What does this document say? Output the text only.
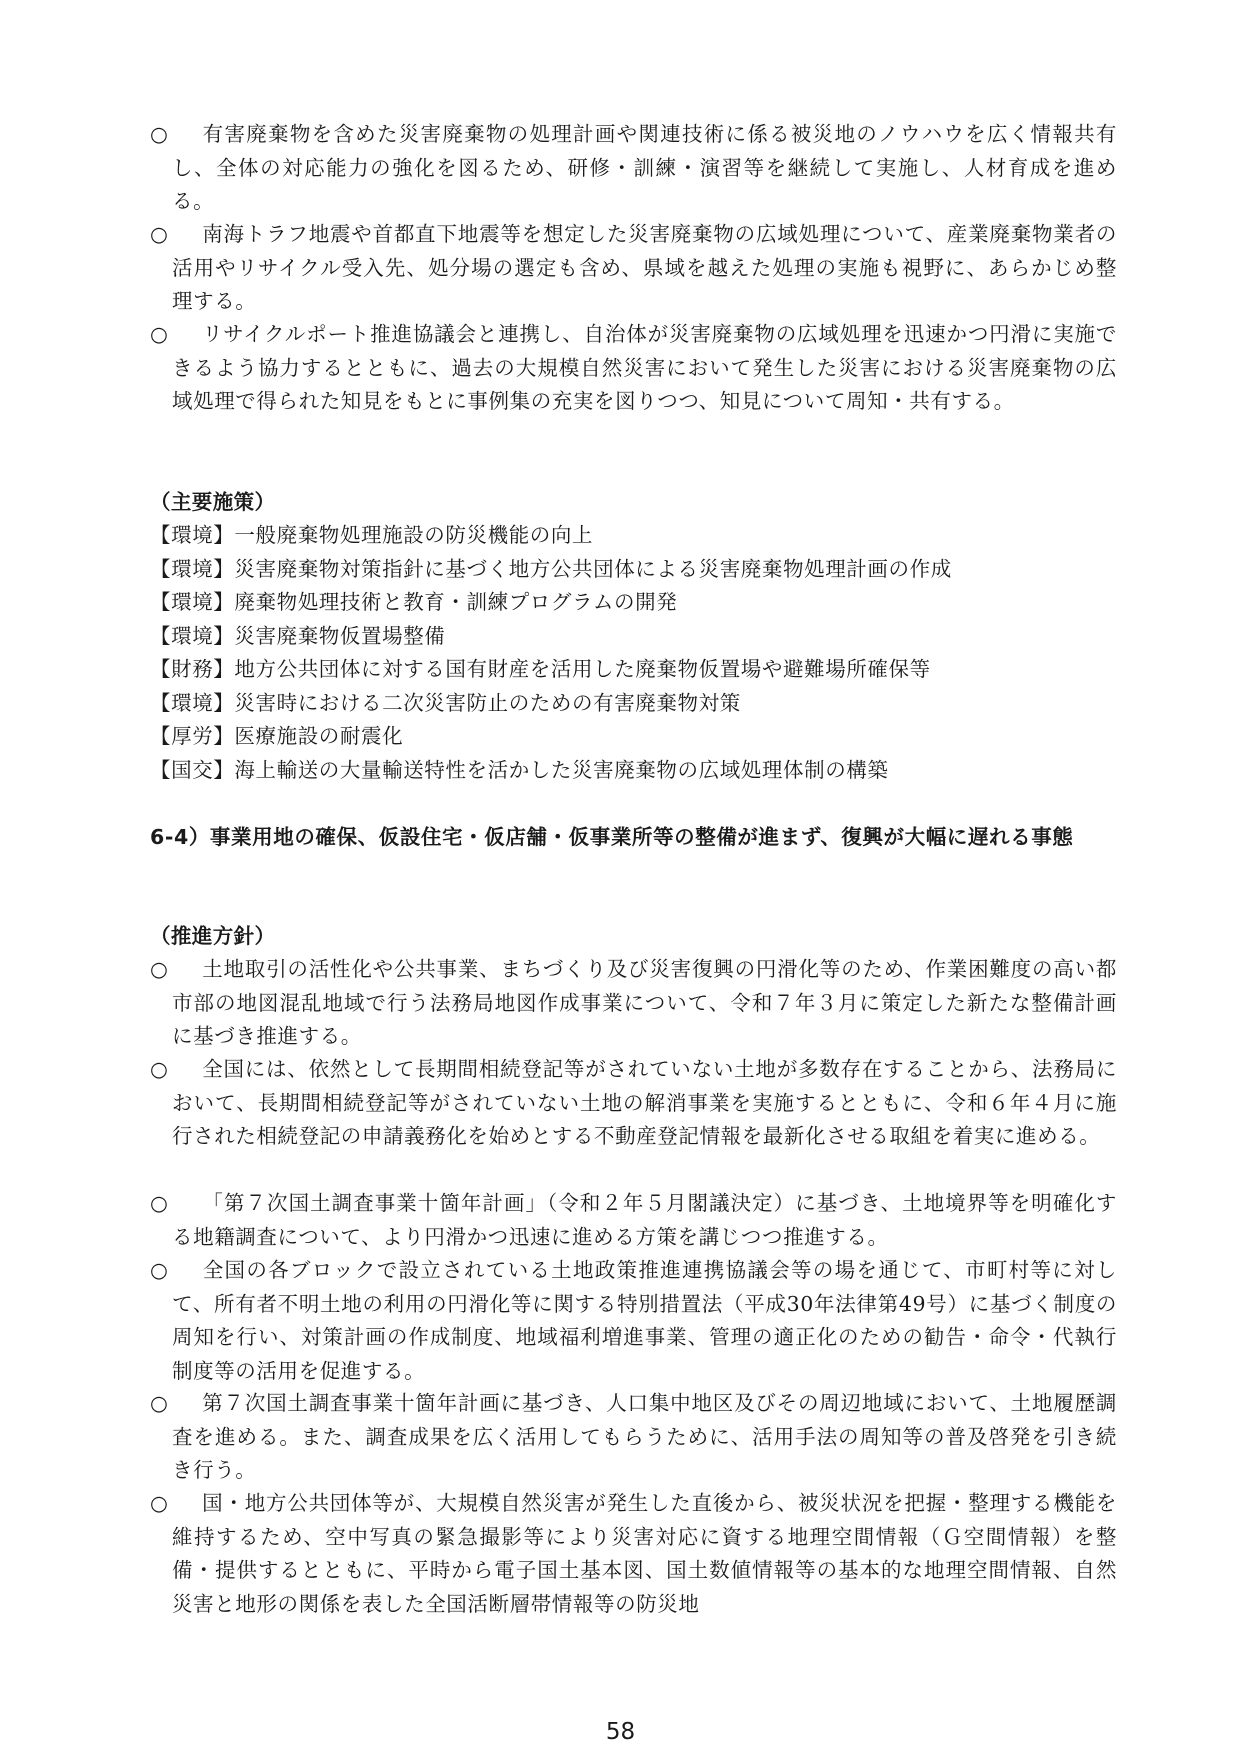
○ 有害廃棄物を含めた災害廃棄物の処理計画や関連技術に係る被災地のノウハウを広く情報共有し、全体の対応能力の強化を図るため、研修・訓練・演習等を継続して実施し、人材育成を進める。
○ 南海トラフ地震や首都直下地震等を想定した災害廃棄物の広域処理について、産業廃棄物業者の活用やリサイクル受入先、処分場の選定も含め、県域を越えた処理の実施も視野に、あらかじめ整理する。
○ リサイクルポート推進協議会と連携し、自治体が災害廃棄物の広域処理を迅速かつ円滑に実施できるよう協力するとともに、過去の大規模自然災害において発生した災害における災害廃棄物の広域処理で得られた知見をもとに事例集の充実を図りつつ、知見について周知・共有する。
（主要施策）
【環境】一般廃棄物処理施設の防災機能の向上
【環境】災害廃棄物対策指針に基づく地方公共団体による災害廃棄物処理計画の作成
【環境】廃棄物処理技術と教育・訓練プログラムの開発
【環境】災害廃棄物仮置場整備
【財務】地方公共団体に対する国有財産を活用した廃棄物仮置場や避難場所確保等
【環境】災害時における二次災害防止のための有害廃棄物対策
【厚労】医療施設の耐震化
【国交】海上輸送の大量輸送特性を活かした災害廃棄物の広域処理体制の構築
6-4）事業用地の確保、仮設住宅・仮店舗・仮事業所等の整備が進まず、復興が大幅に遅れる事態
（推進方針）
○ 土地取引の活性化や公共事業、まちづくり及び災害復興の円滑化等のため、作業困難度の高い都市部の地図混乱地域で行う法務局地図作成事業について、令和７年３月に策定した新たな整備計画に基づき推進する。
○ 全国には、依然として長期間相続登記等がされていない土地が多数存在することから、法務局において、長期間相続登記等がされていない土地の解消事業を実施するとともに、令和６年４月に施行された相続登記の申請義務化を始めとする不動産登記情報を最新化させる取組を着実に進める。
○ 「第７次国土調査事業十箇年計画」（令和２年５月閣議決定）に基づき、土地境界等を明確化する地籍調査について、より円滑かつ迅速に進める方策を講じつつ推進する。
○ 全国の各ブロックで設立されている土地政策推進連携協議会等の場を通じて、市町村等に対して、所有者不明土地の利用の円滑化等に関する特別措置法（平成30年法律第49号）に基づく制度の周知を行い、対策計画の作成制度、地域福利増進事業、管理の適正化のための勧告・命令・代執行制度等の活用を促進する。
○ 第７次国土調査事業十箇年計画に基づき、人口集中地区及びその周辺地域において、土地履歴調査を進める。また、調査成果を広く活用してもらうために、活用手法の周知等の普及啓発を引き続き行う。
○ 国・地方公共団体等が、大規模自然災害が発生した直後から、被災状況を把握・整理する機能を維持するため、空中写真の緊急撮影等により災害対応に資する地理空間情報（Ｇ空間情報）を整備・提供するとともに、平時から電子国土基本図、国土数値情報等の基本的な地理空間情報、自然災害と地形の関係を表した全国活断層帯情報等の防災地
58
